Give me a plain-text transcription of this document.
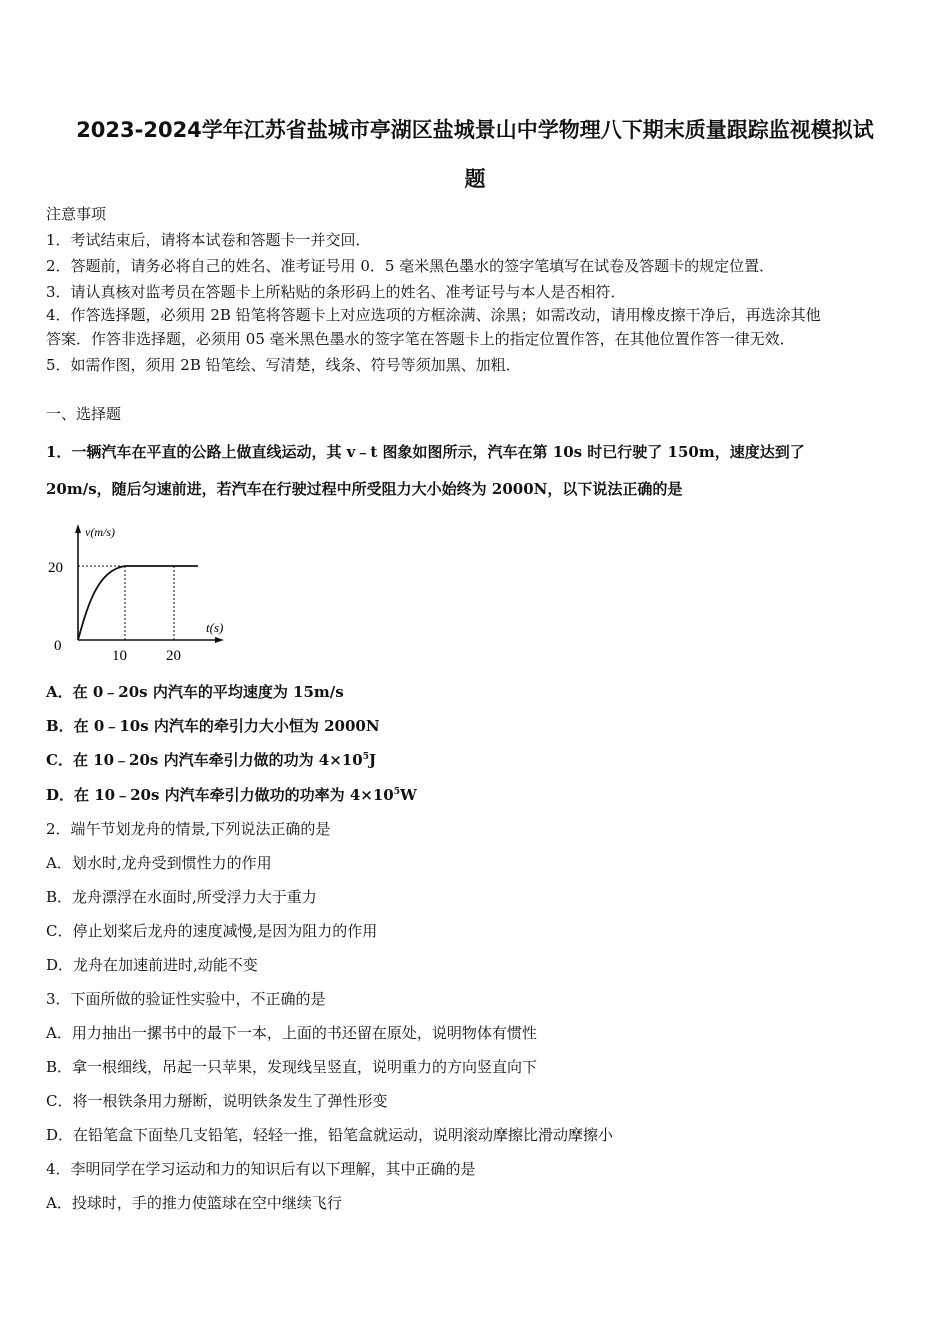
2023-2024学年江苏省盐城市亭湖区盐城景山中学物理八下期末质量跟踪监视模拟试
题
注意事项
1．考试结束后，请将本试卷和答题卡一并交回．
2．答题前，请务必将自己的姓名、准考证号用 0．5 毫米黑色墨水的签字笔填写在试卷及答题卡的规定位置．
3．请认真核对监考员在答题卡上所粘贴的条形码上的姓名、准考证号与本人是否相符．
4．作答选择题，必须用 2B 铅笔将答题卡上对应选项的方框涂满、涂黑；如需改动，请用橡皮擦干净后，再选涂其他
答案．作答非选择题，必须用 05 毫米黑色墨水的签字笔在答题卡上的指定位置作答，在其他位置作答一律无效．
5．如需作图，须用 2B 铅笔绘、写清楚，线条、符号等须加黑、加粗．
一、选择题
1．一辆汽车在平直的公路上做直线运动，其 v﹣t 图象如图所示，汽车在第 10s 时已行驶了 150m，速度达到了
20m/s，随后匀速前进，若汽车在行驶过程中所受阻力大小始终为 2000N，以下说法正确的是
v(m/s)
t(s)
20
0
10	20
A．在 0﹣20s 内汽车的平均速度为 15m/s
B．在 0﹣10s 内汽车的牵引力大小恒为 2000N
C．在 10﹣20s 内汽车牵引力做的功为 $4\times 10^5J$
D．在 10﹣20s 内汽车牵引力做功的功率为 $4\times 10^5W$
2．端午节划龙舟的情景,下列说法正确的是
A．划水时,龙舟受到惯性力的作用
B．龙舟漂浮在水面时,所受浮力大于重力
C．停止划桨后龙舟的速度减慢,是因为阻力的作用
D．龙舟在加速前进时,动能不变
3．下面所做的验证性实验中，不正确的是
A．用力抽出一摞书中的最下一本，上面的书还留在原处，说明物体有惯性
B．拿一根细线，吊起一只苹果，发现线呈竖直，说明重力的方向竖直向下
C．将一根铁条用力掰断，说明铁条发生了弹性形变
D．在铅笔盒下面垫几支铅笔，轻轻一推，铅笔盒就运动，说明滚动摩擦比滑动摩擦小
4．李明同学在学习运动和力的知识后有以下理解，其中正确的是
A．投球时，手的推力使篮球在空中继续飞行
